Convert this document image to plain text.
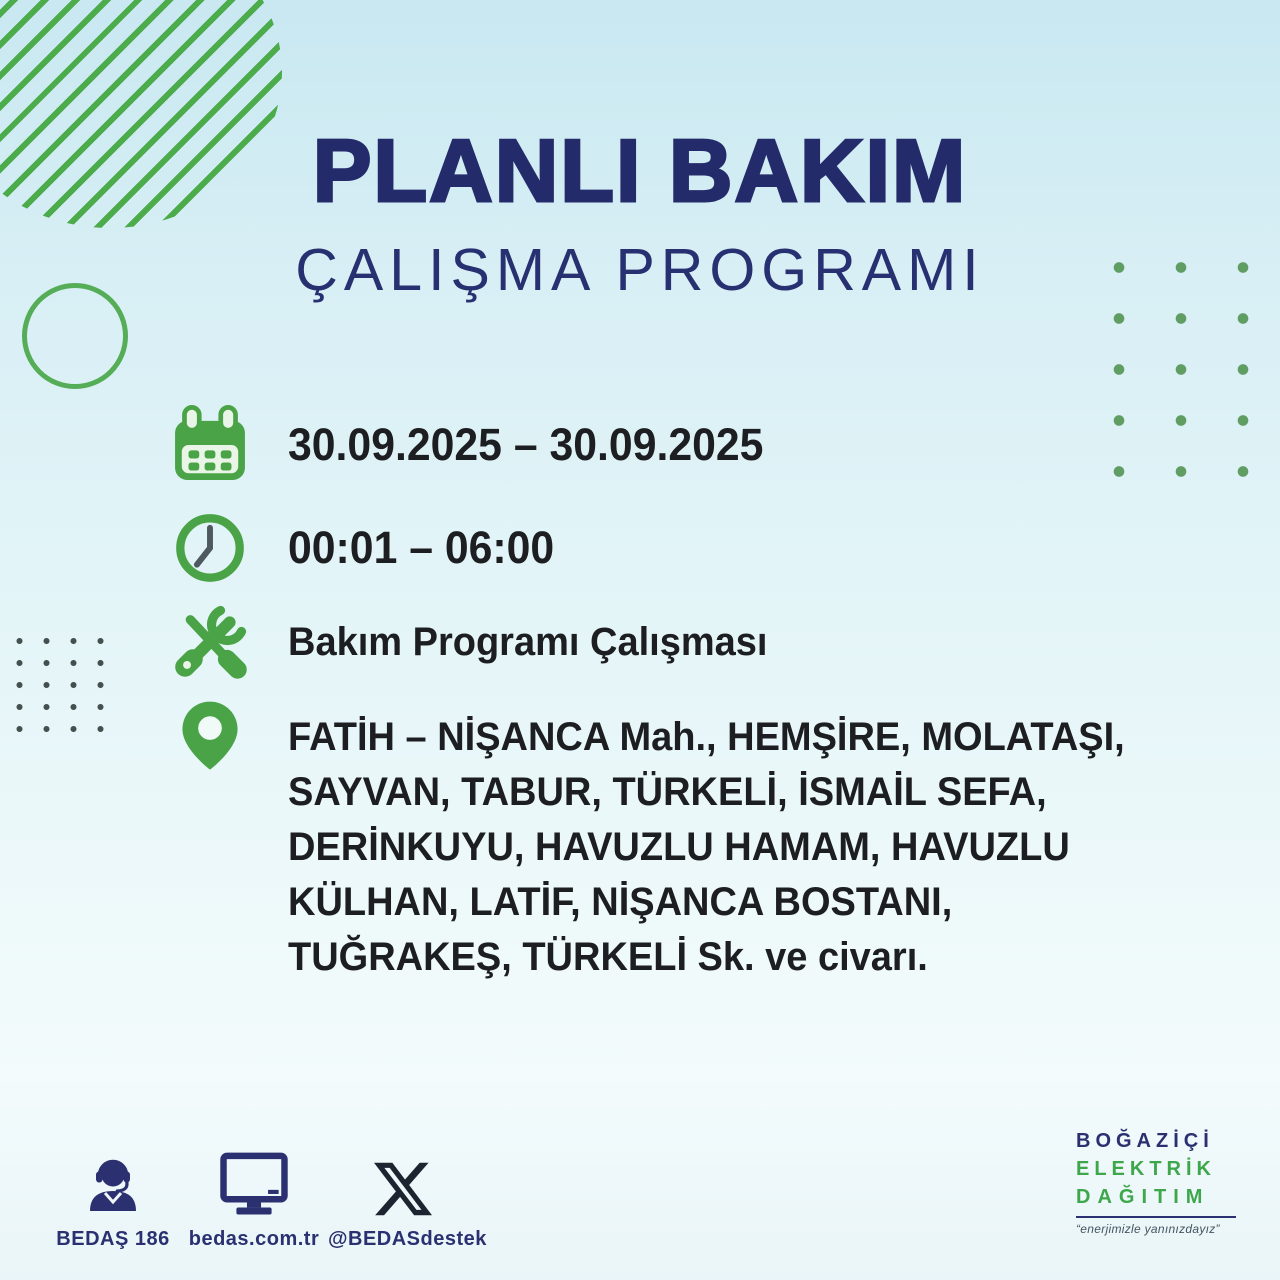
PLANLI BAKIM
ÇALIŞMA PROGRAMI
30.09.2025 – 30.09.2025
00:01 – 06:00
Bakım Programı Çalışması
FATİH – NİŞANCA Mah., HEMŞİRE, MOLATAŞI, SAYVAN, TABUR, TÜRKELİ, İSMAİL SEFA, DERİNKUYU, HAVUZLU HAMAM, HAVUZLU KÜLHAN, LATİF, NİŞANCA BOSTANI, TUĞRAKEŞ, TÜRKELİ Sk. ve civarı.
BEDAŞ 186 bedas.com.tr @BEDASdestek
BOĞAZİÇİ
ELEKTRİK
DAĞITIM
“enerjimizle yanınızdayız”
